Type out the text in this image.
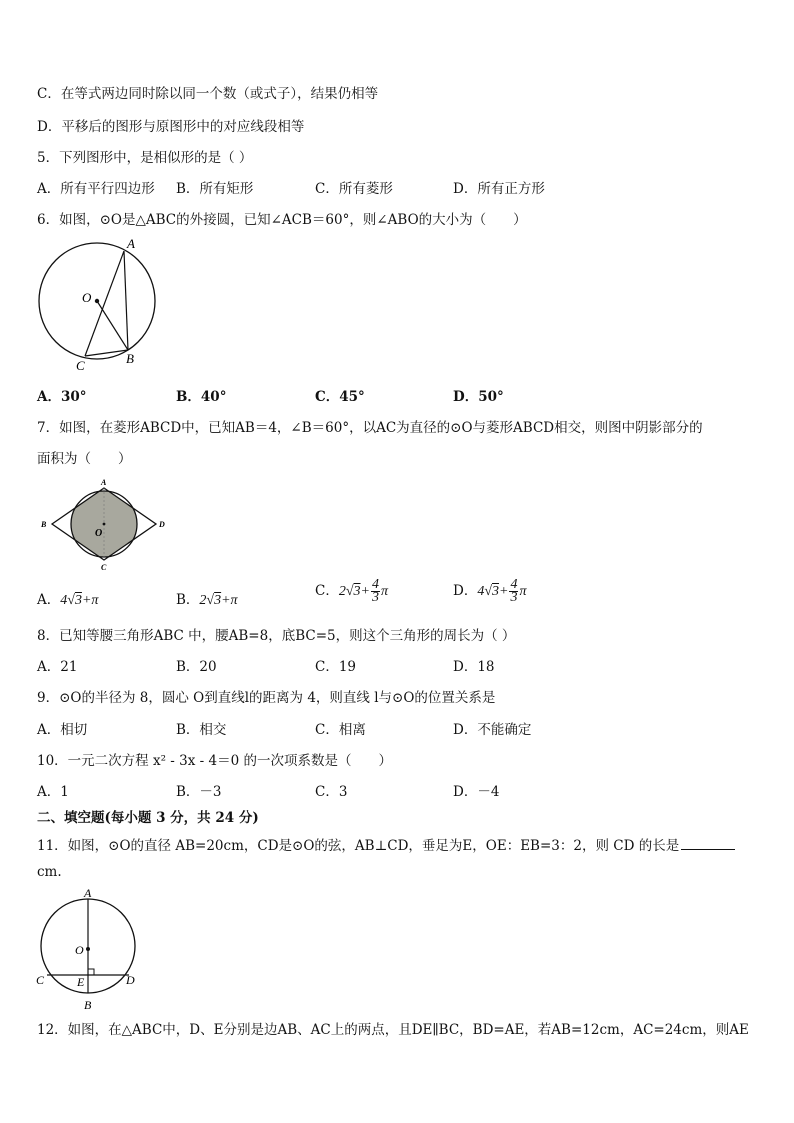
C．在等式两边同时除以同一个数（或式子），结果仍相等
D．平移后的图形与原图形中的对应线段相等
5．下列图形中，是相似形的是（ ）
A．所有平行四边形 B．所有矩形	C．所有菱形	D．所有正方形
6．如图，⊙O是△ABC的外接圆，已知∠ACB＝60°，则∠ABO的大小为（　　）
A
O
C	B
A．30°	B．40°	C．45°	D．50°
7．如图，在菱形ABCD中，已知AB＝4，∠B＝60°，以AC为直径的⊙O与菱形ABCD相交，则图中阴影部分的
面积为（　　）
A
B
C
D
O
A．4√3+π	B．2√3+π
C．$2√3+ \frac{4}{3}$ π	D．$4√3+ \frac{4}{3}$ π
8．已知等腰三角形ABC 中，腰AB=8，底BC=5，则这个三角形的周长为（ ）
A．21	B．20	C．19	D．18
9．⊙O的半径为 8，圆心 O到直线l的距离为 4，则直线 l与⊙O的位置关系是
A．相切	B．相交	C．相离	D．不能确定
10．一元二次方程 x² - 3x - 4＝0 的一次项系数是（　　）
A．1	B．－3	C．3	D．－4
二、填空题(每小题 3 分，共 24 分)
11．如图，⊙O的直径 AB=20cm，CD是⊙O的弦，AB⊥CD，垂足为E，OE：EB=3：2，则 CD 的长是
cm.
A
O
C	E	D
B
12．如图，在△ABC中，D、E分别是边AB、AC上的两点，且DE∥BC，BD=AE，若AB=12cm，AC=24cm，则AE
